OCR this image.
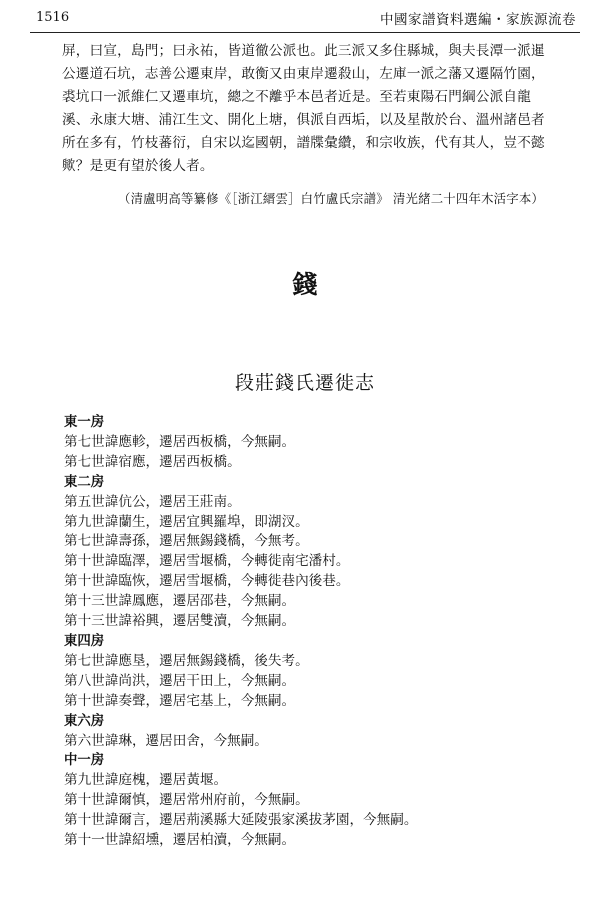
1516	中國家譜資料選編・家族源流卷

屏，曰宣，島門；曰永祐，皆道徹公派也。此三派又多住縣城，與夫長潭一派暹公遷道石坑，志善公遷東岸，敢衡又由東岸遷殺山，左庫一派之藩又遷隔竹園，裘坑口一派維仁又遷車坑，總之不離乎本邑者近是。至若東陽石門綱公派自龍溪、永康大塘、浦江生文、開化上塘，俱派自西垢，以及星散於台、溫州諸邑者所在多有，竹枝蕃衍，自宋以迄國朝，譜牒彙纘，和宗收族，代有其人，豈不懿歟？是更有望於後人者。

（清盧明高等纂修《［浙江縉雲］白竹盧氏宗譜》 清光緒二十四年木活字本）
錢
段莊錢氏遷徙志
東一房
第七世諱應軫，遷居西板橋，今無嗣。
第七世諱宿應，遷居西板橋。
東二房
第五世諱伉公，遷居王莊南。
第九世諱蘭生，遷居宜興羅埠，即湖汊。
第七世諱壽孫，遷居無錫錢橋，今無考。
第十世諱臨澤，遷居雪堰橋，今轉徙南宅潘村。
第十世諱臨恢，遷居雪堰橋，今轉徙巷內後巷。
第十三世諱鳳應，遷居邵巷，今無嗣。
第十三世諱裕興，遷居雙瀆，今無嗣。
東四房
第七世諱應垦，遷居無錫錢橋，後失考。
第八世諱尚洪，遷居干田上，今無嗣。
第十世諱奏聲，遷居宅基上，今無嗣。
東六房
第六世諱琳，遷居田舍，今無嗣。
中一房
第九世諱庭槐，遷居黃堰。
第十世諱爾慎，遷居常州府前，今無嗣。
第十世諱爾言，遷居荊溪縣大延陵張家溪拔茅園，今無嗣。
第十一世諱紹壎，遷居柏瀆，今無嗣。
